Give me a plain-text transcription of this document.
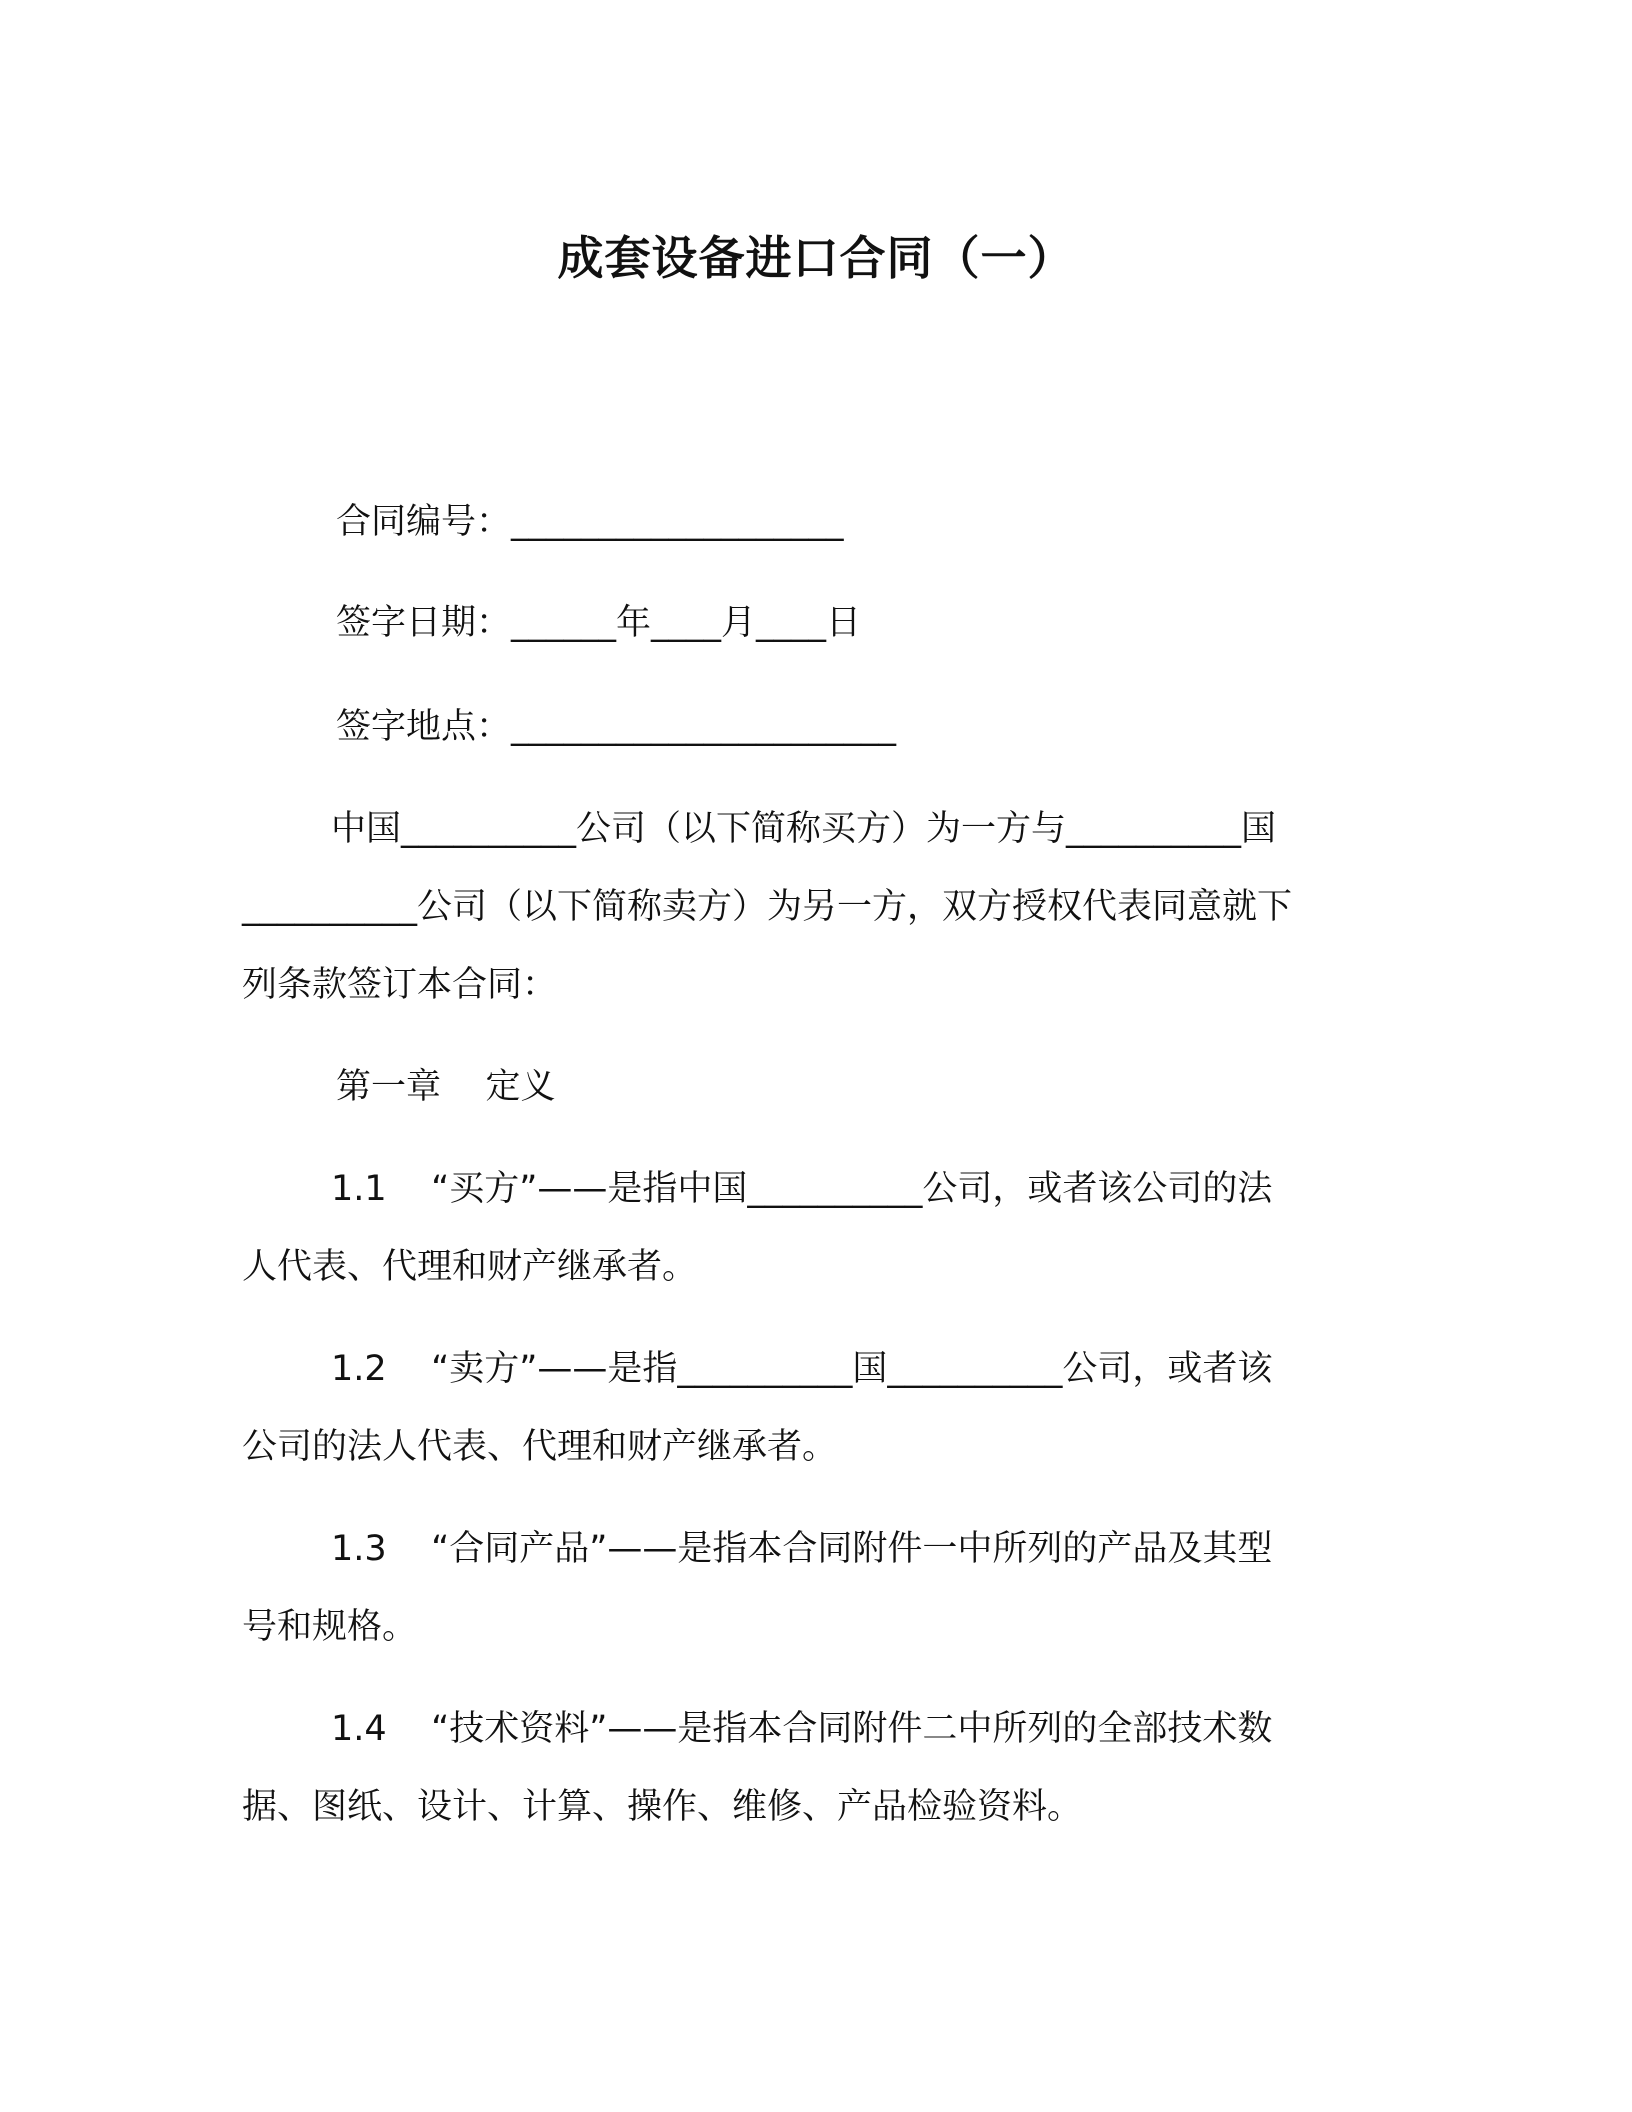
成套设备进口合同（一）
合同编号：___________________
签字日期：______年____月____日
签字地点：______________________
中国__________公司（以下简称买方）为一方与__________国
__________公司（以下简称卖方）为另一方，双方授权代表同意就下
列条款签订本合同：
第一章    定义
1.1    “买方”——是指中国__________公司，或者该公司的法
人代表、代理和财产继承者。
1.2    “卖方”——是指__________国__________公司，或者该
公司的法人代表、代理和财产继承者。
1.3    “合同产品”——是指本合同附件一中所列的产品及其型
号和规格。
1.4    “技术资料”——是指本合同附件二中所列的全部技术数
据、图纸、设计、计算、操作、维修、产品检验资料。
